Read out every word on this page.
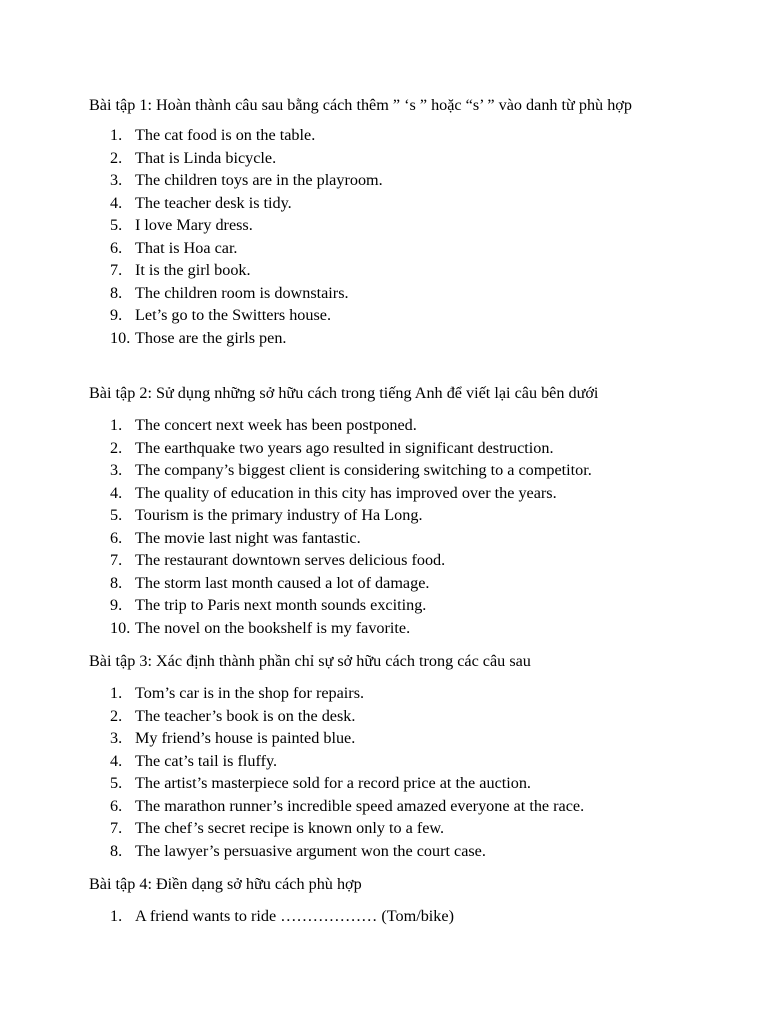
Bài tập 1: Hoàn thành câu sau bằng cách thêm ” ‘s ” hoặc “s’ ” vào danh từ phù hợp

1. The cat food is on the table.
2. That is Linda bicycle.
3. The children toys are in the playroom.
4. The teacher desk is tidy.
5. I love Mary dress.
6. That is Hoa car.
7. It is the girl book.
8. The children room is downstairs.
9. Let’s go to the Switters house.
10. Those are the girls pen.

Bài tập 2: Sử dụng những sở hữu cách trong tiếng Anh để viết lại câu bên dưới

1. The concert next week has been postponed.
2. The earthquake two years ago resulted in significant destruction.
3. The company’s biggest client is considering switching to a competitor.
4. The quality of education in this city has improved over the years.
5. Tourism is the primary industry of Ha Long.
6. The movie last night was fantastic.
7. The restaurant downtown serves delicious food.
8. The storm last month caused a lot of damage.
9. The trip to Paris next month sounds exciting.
10. The novel on the bookshelf is my favorite.

Bài tập 3: Xác định thành phần chỉ sự sở hữu cách trong các câu sau

1. Tom’s car is in the shop for repairs.
2. The teacher’s book is on the desk.
3. My friend’s house is painted blue.
4. The cat’s tail is fluffy.
5. The artist’s masterpiece sold for a record price at the auction.
6. The marathon runner’s incredible speed amazed everyone at the race.
7. The chef’s secret recipe is known only to a few.
8. The lawyer’s persuasive argument won the court case.

Bài tập 4: Điền dạng sở hữu cách phù hợp

1. A friend wants to ride ……………… (Tom/bike)
